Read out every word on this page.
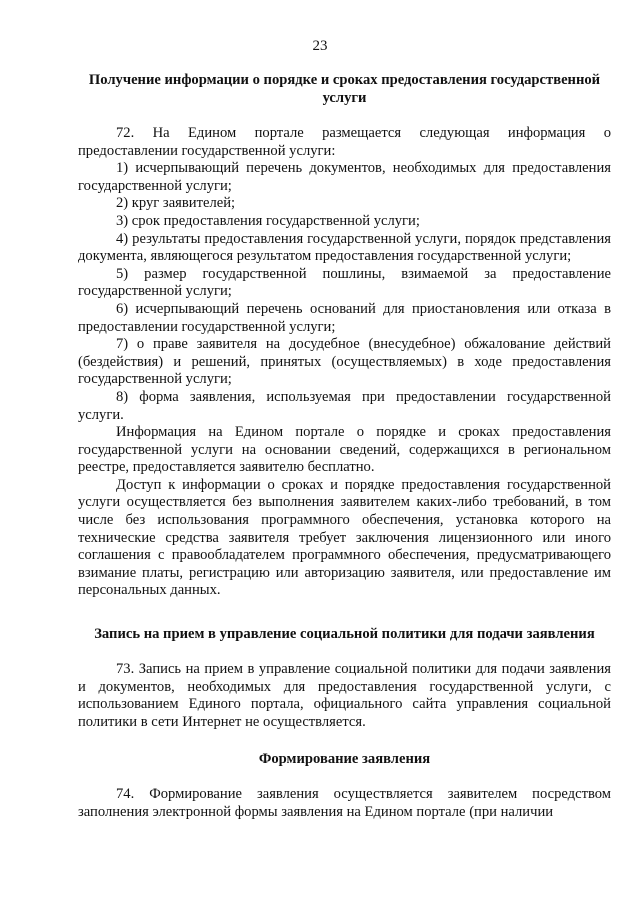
23
Получение информации о порядке и сроках предоставления государственной услуги

72. На Едином портале размещается следующая информация о предоставлении государственной услуги:

1) исчерпывающий перечень документов, необходимых для предоставления государственной услуги;

2) круг заявителей;

3) срок предоставления государственной услуги;

4) результаты предоставления государственной услуги, порядок представления документа, являющегося результатом предоставления государственной услуги;

5) размер государственной пошлины, взимаемой за предоставление государственной услуги;

6) исчерпывающий перечень оснований для приостановления или отказа в предоставлении государственной услуги;

7) о праве заявителя на досудебное (внесудебное) обжалование действий (бездействия) и решений, принятых (осуществляемых) в ходе предоставления государственной услуги;

8) форма заявления, используемая при предоставлении государственной услуги.

Информация на Едином портале о порядке и сроках предоставления государственной услуги на основании сведений, содержащихся в региональном реестре, предоставляется заявителю бесплатно.

Доступ к информации о сроках и порядке предоставления государственной услуги осуществляется без выполнения заявителем каких-либо требований, в том числе без использования программного обеспечения, установка которого на технические средства заявителя требует заключения лицензионного или иного соглашения с правообладателем программного обеспечения, предусматривающего взимание платы, регистрацию или авторизацию заявителя, или предоставление им персональных данных.

Запись на прием в управление социальной политики для подачи заявления

73. Запись на прием в управление социальной политики для подачи заявления и документов, необходимых для предоставления государственной услуги, с использованием Единого портала, официального сайта управления социальной политики в сети Интернет не осуществляется.

Формирование заявления

74. Формирование заявления осуществляется заявителем посредством заполнения электронной формы заявления на Едином портале (при наличии
